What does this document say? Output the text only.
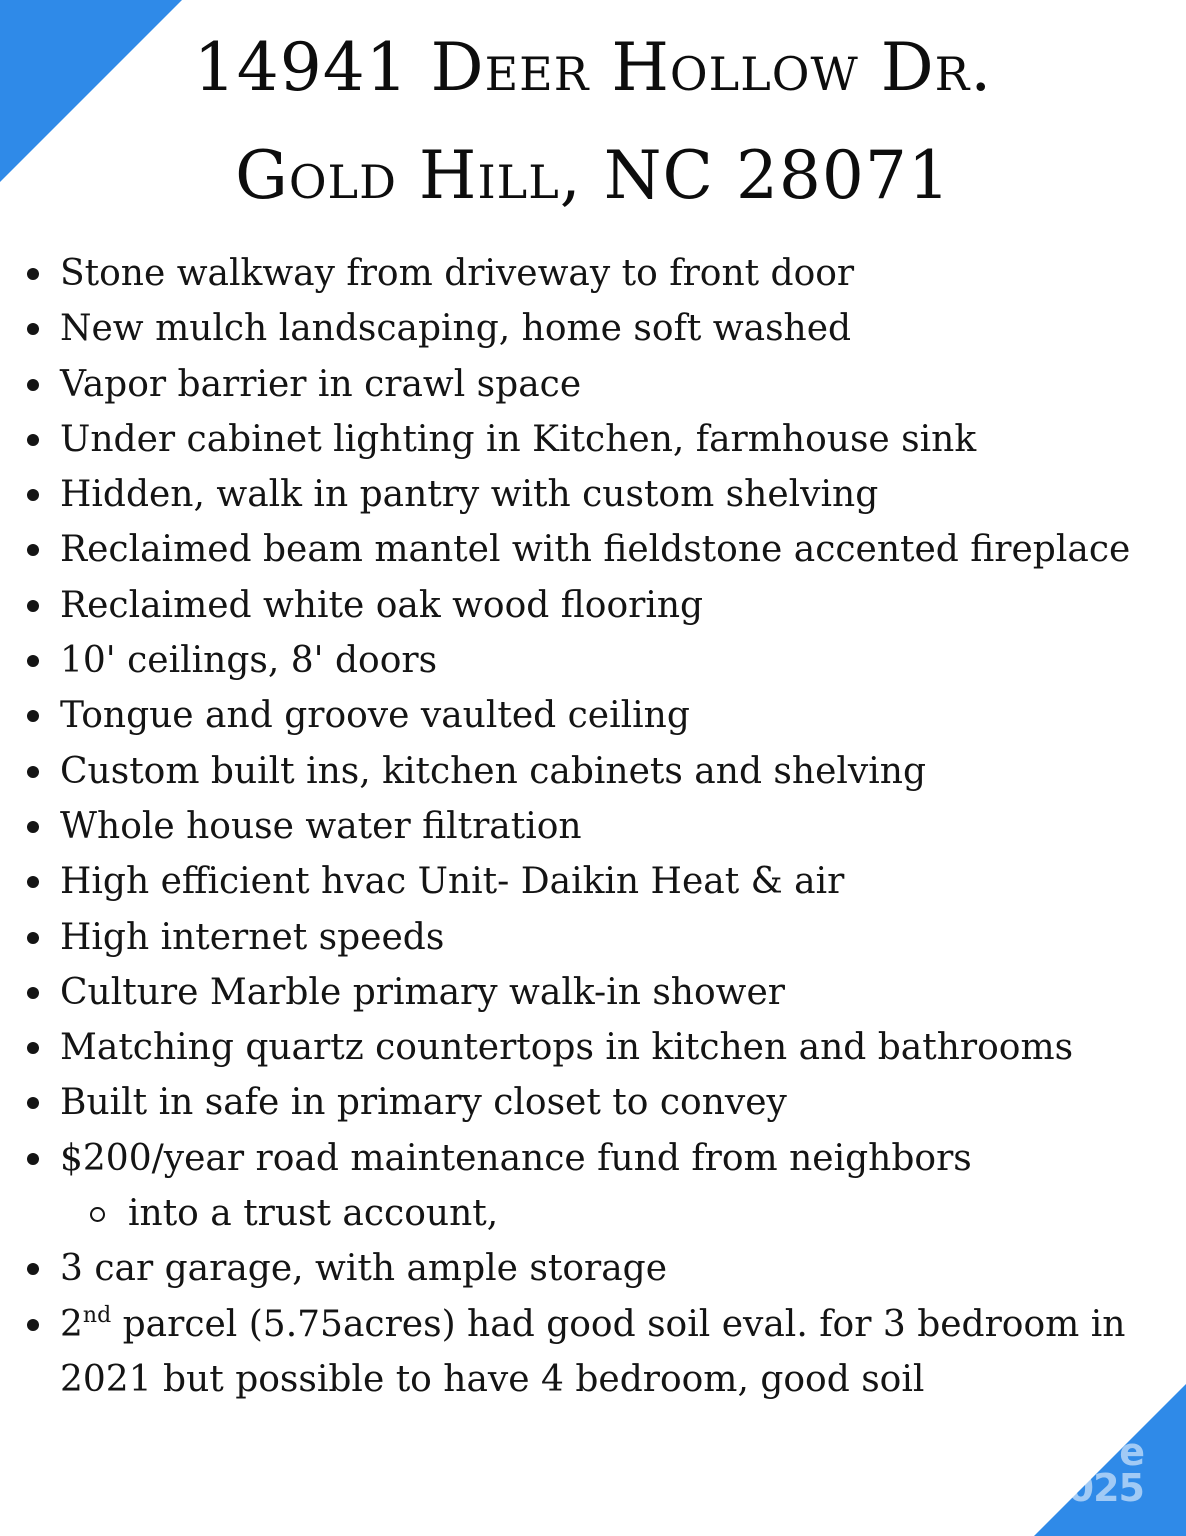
e
025
14941 Deer Hollow Dr.
Gold Hill, NC 28071
Stone walkway from driveway to front door
New mulch landscaping, home soft washed
Vapor barrier in crawl space
Under cabinet lighting in Kitchen, farmhouse sink
Hidden, walk in pantry with custom shelving
Reclaimed beam mantel with fieldstone accented fireplace
Reclaimed white oak wood flooring
10' ceilings, 8' doors
Tongue and groove vaulted ceiling
Custom built ins, kitchen cabinets and shelving
Whole house water filtration
High efficient hvac Unit- Daikin Heat & air
High internet speeds
Culture Marble primary walk-in shower
Matching quartz countertops in kitchen and bathrooms
Built in safe in primary closet to convey
$200/year road maintenance fund from neighbors
into a trust account,
3 car garage, with ample storage
2nd parcel (5.75acres) had good soil eval. for 3 bedroom in 2021 but possible to have 4 bedroom, good soil
